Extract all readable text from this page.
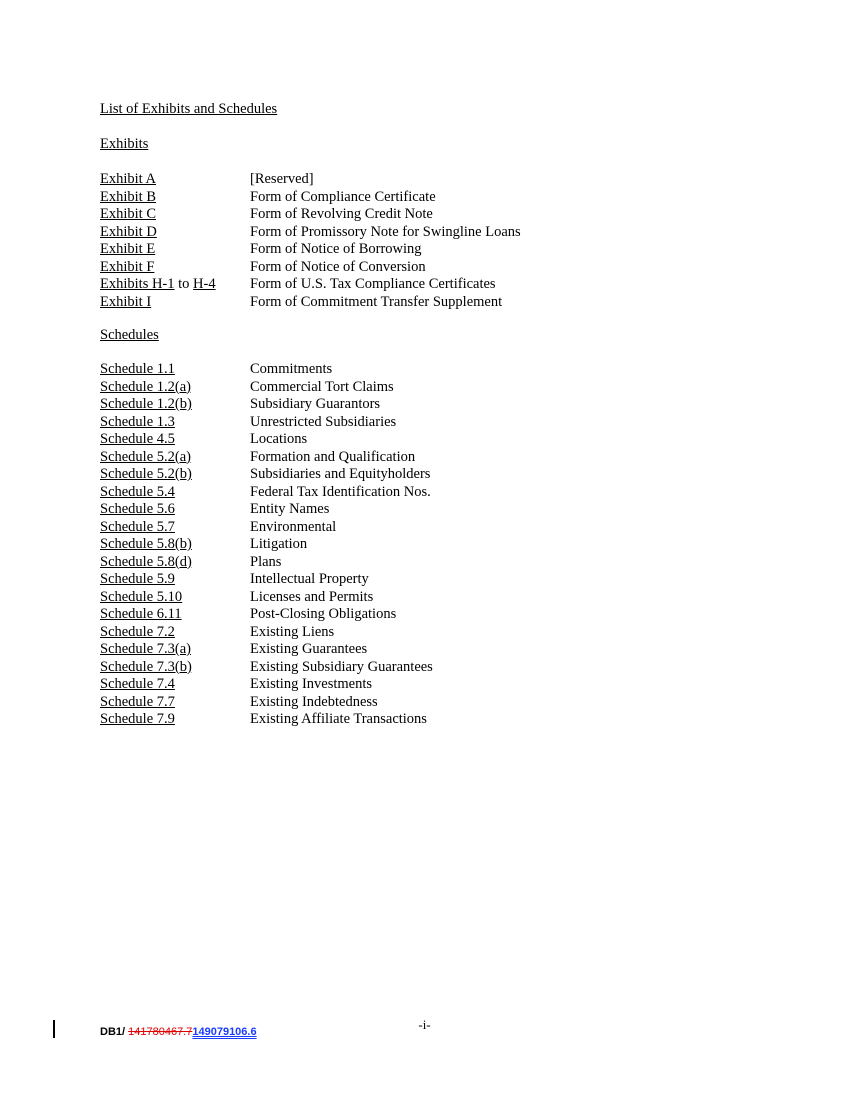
List of Exhibits and Schedules
Exhibits
Exhibit A	[Reserved]
Exhibit B	Form of Compliance Certificate
Exhibit C	Form of Revolving Credit Note
Exhibit D	Form of Promissory Note for Swingline Loans
Exhibit E	Form of Notice of Borrowing
Exhibit F	Form of Notice of Conversion
Exhibits H-1 to H-4	Form of U.S. Tax Compliance Certificates
Exhibit I	Form of Commitment Transfer Supplement
Schedules
Schedule 1.1	Commitments
Schedule 1.2(a)	Commercial Tort Claims
Schedule 1.2(b)	Subsidiary Guarantors
Schedule 1.3	Unrestricted Subsidiaries
Schedule 4.5	Locations
Schedule 5.2(a)	Formation and Qualification
Schedule 5.2(b)	Subsidiaries and Equityholders
Schedule 5.4	Federal Tax Identification Nos.
Schedule 5.6	Entity Names
Schedule 5.7	Environmental
Schedule 5.8(b)	Litigation
Schedule 5.8(d)	Plans
Schedule 5.9	Intellectual Property
Schedule 5.10	Licenses and Permits
Schedule 6.11	Post-Closing Obligations
Schedule 7.2	Existing Liens
Schedule 7.3(a)	Existing Guarantees
Schedule 7.3(b)	Existing Subsidiary Guarantees
Schedule 7.4	Existing Investments
Schedule 7.7	Existing Indebtedness
Schedule 7.9	Existing Affiliate Transactions
-i-
DB1/ 141780467.7149079106.6
